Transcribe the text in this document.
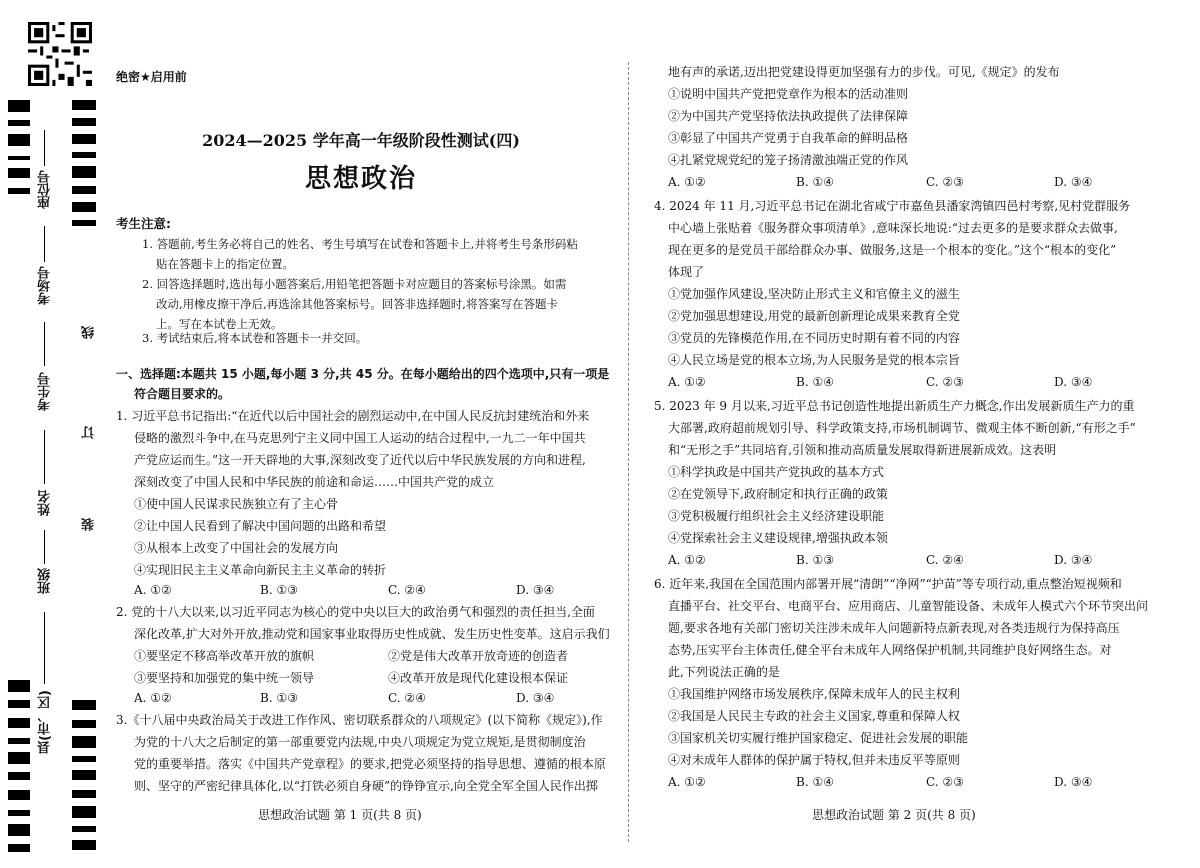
座位号
考场号
考生号
姓名
班级
县(市、区)
线
订
装
绝密★启用前
2024—2025 学年高一年级阶段性测试(四)
思想政治
考生注意:
1. 答题前,考生务必将自己的姓名、考生号填写在试卷和答题卡上,并将考生号条形码粘
贴在答题卡上的指定位置。
2. 回答选择题时,选出每小题答案后,用铅笔把答题卡对应题目的答案标号涂黑。如需
改动,用橡皮擦干净后,再选涂其他答案标号。回答非选择题时,将答案写在答题卡
上。写在本试卷上无效。
3. 考试结束后,将本试卷和答题卡一并交回。
一、选择题:本题共 15 小题,每小题 3 分,共 45 分。在每小题给出的四个选项中,只有一项是
符合题目要求的。
1. 习近平总书记指出:“在近代以后中国社会的剧烈运动中,在中国人民反抗封建统治和外来
侵略的激烈斗争中,在马克思列宁主义同中国工人运动的结合过程中,一九二一年中国共
产党应运而生。”这一开天辟地的大事,深刻改变了近代以后中华民族发展的方向和进程,
深刻改变了中国人民和中华民族的前途和命运……中国共产党的成立
①使中国人民谋求民族独立有了主心骨
②让中国人民看到了解决中国问题的出路和希望
③从根本上改变了中国社会的发展方向
④实现旧民主主义革命向新民主主义革命的转折
A. ①②	B. ①③	C. ②④	D. ③④
2. 党的十八大以来,以习近平同志为核心的党中央以巨大的政治勇气和强烈的责任担当,全面
深化改革,扩大对外开放,推动党和国家事业取得历史性成就、发生历史性变革。这启示我们
①要坚定不移高举改革开放的旗帜	②党是伟大改革开放奇迹的创造者
③要坚持和加强党的集中统一领导	④改革开放是现代化建设根本保证
A. ①②	B. ①③	C. ②④	D. ③④
3.《十八届中央政治局关于改进工作作风、密切联系群众的八项规定》(以下简称《规定》),作
为党的十八大之后制定的第一部重要党内法规,中央八项规定为党立规矩,是贯彻制度治
党的重要举措。落实《中国共产党章程》的要求,把党必须坚持的指导思想、遵循的根本原
则、坚守的严密纪律具体化,以“打铁必须自身硬”的铮铮宣示,向全党全军全国人民作出掷
思想政治试题 第 1 页(共 8 页)
地有声的承诺,迈出把党建设得更加坚强有力的步伐。可见,《规定》的发布
①说明中国共产党把党章作为根本的活动准则
②为中国共产党坚持依法执政提供了法律保障
③彰显了中国共产党勇于自我革命的鲜明品格
④扎紧党规党纪的笼子扬清激浊端正党的作风
A. ①②	B. ①④	C. ②③	D. ③④
4. 2024 年 11 月,习近平总书记在湖北省咸宁市嘉鱼县潘家湾镇四邑村考察,见村党群服务
中心墙上张贴着《服务群众事项清单》,意味深长地说:“过去更多的是要求群众去做事,
现在更多的是党员干部给群众办事、做服务,这是一个根本的变化。”这个“根本的变化”
体现了
①党加强作风建设,坚决防止形式主义和官僚主义的滋生
②党加强思想建设,用党的最新创新理论成果来教育全党
③党员的先锋模范作用,在不同历史时期有着不同的内容
④人民立场是党的根本立场,为人民服务是党的根本宗旨
A. ①②	B. ①④	C. ②③	D. ③④
5. 2023 年 9 月以来,习近平总书记创造性地提出新质生产力概念,作出发展新质生产力的重
大部署,政府超前规划引导、科学政策支持,市场机制调节、微观主体不断创新,“有形之手”
和“无形之手”共同培育,引领和推动高质量发展取得新进展新成效。这表明
①科学执政是中国共产党执政的基本方式
②在党领导下,政府制定和执行正确的政策
③党积极履行组织社会主义经济建设职能
④党探索社会主义建设规律,增强执政本领
A. ①②	B. ①③	C. ②④	D. ③④
6. 近年来,我国在全国范围内部署开展“清朗”“净网”“护苗”等专项行动,重点整治短视频和
直播平台、社交平台、电商平台、应用商店、儿童智能设备、未成年人模式六个环节突出问
题,要求各地有关部门密切关注涉未成年人问题新特点新表现,对各类违规行为保持高压
态势,压实平台主体责任,健全平台未成年人网络保护机制,共同维护良好网络生态。对
此,下列说法正确的是
①我国维护网络市场发展秩序,保障未成年人的民主权利
②我国是人民民主专政的社会主义国家,尊重和保障人权
③国家机关切实履行维护国家稳定、促进社会发展的职能
④对未成年人群体的保护属于特权,但并未违反平等原则
A. ①②	B. ①④	C. ②③	D. ③④
思想政治试题 第 2 页(共 8 页)
